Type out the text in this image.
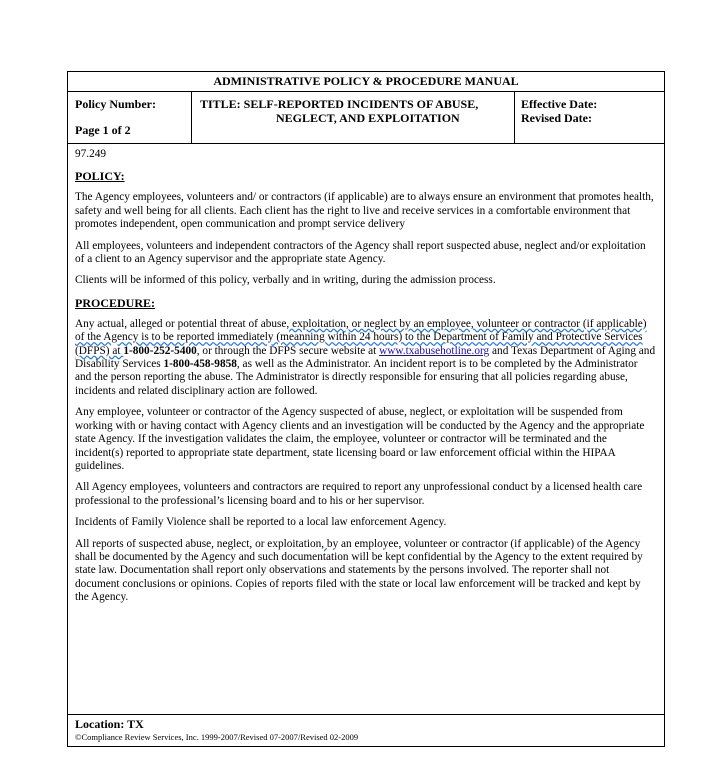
ADMINISTRATIVE POLICY & PROCEDURE MANUAL
Policy Number:
Page 1 of 2
TITLE: SELF-REPORTED INCIDENTS OF ABUSE,
NEGLECT, AND EXPLOITATION
Effective Date:
Revised Date:
97.249
POLICY:

The Agency employees, volunteers and/ or contractors (if applicable) are to always ensure an environment that promotes health, safety and well being for all clients. Each client has the right to live and receive services in a comfortable environment that promotes independent, open communication and prompt service delivery

All employees, volunteers and independent contractors of the Agency shall report suspected abuse, neglect and/or exploitation of a client to an Agency supervisor and the appropriate state Agency.

Clients will be informed of this policy, verbally and in writing, during the admission process.

PROCEDURE:

Any actual, alleged or potential threat of abuse, exploitation, or neglect by an employee, volunteer or contractor (if applicable) of the Agency is to be reported immediately (meanning within 24 hours) to the Department of Family and Protective Services (DFPS) at 1-800-252-5400, or through the DFPS secure website at www.txabusehotline.org and Texas Department of Aging and Disability Services 1-800-458-9858, as well as the Administrator. An incident report is to be completed by the Administrator and the person reporting the abuse. The Administrator is directly responsible for ensuring that all policies regarding abuse, incidents and related disciplinary action are followed.

Any employee, volunteer or contractor of the Agency suspected of abuse, neglect, or exploitation will be suspended from working with or having contact with Agency clients and an investigation will be conducted by the Agency and the appropriate state Agency. If the investigation validates the claim, the employee, volunteer or contractor will be terminated and the incident(s) reported to appropriate state department, state licensing board or law enforcement official within the HIPAA guidelines.

All Agency employees, volunteers and contractors are required to report any unprofessional conduct by a licensed health care professional to the professional’s licensing board and to his or her supervisor.

Incidents of Family Violence shall be reported to a local law enforcement Agency.

All reports of suspected abuse, neglect, or exploitation, by an employee, volunteer or contractor (if applicable) of the Agency shall be documented by the Agency and such documentation will be kept confidential by the Agency to the extent required by state law. Documentation shall report only observations and statements by the persons involved. The reporter shall not document conclusions or opinions. Copies of reports filed with the state or local law enforcement will be tracked and kept by the Agency.

Location: TX
©Compliance Review Services, Inc. 1999-2007/Revised 07-2007/Revised 02-2009
